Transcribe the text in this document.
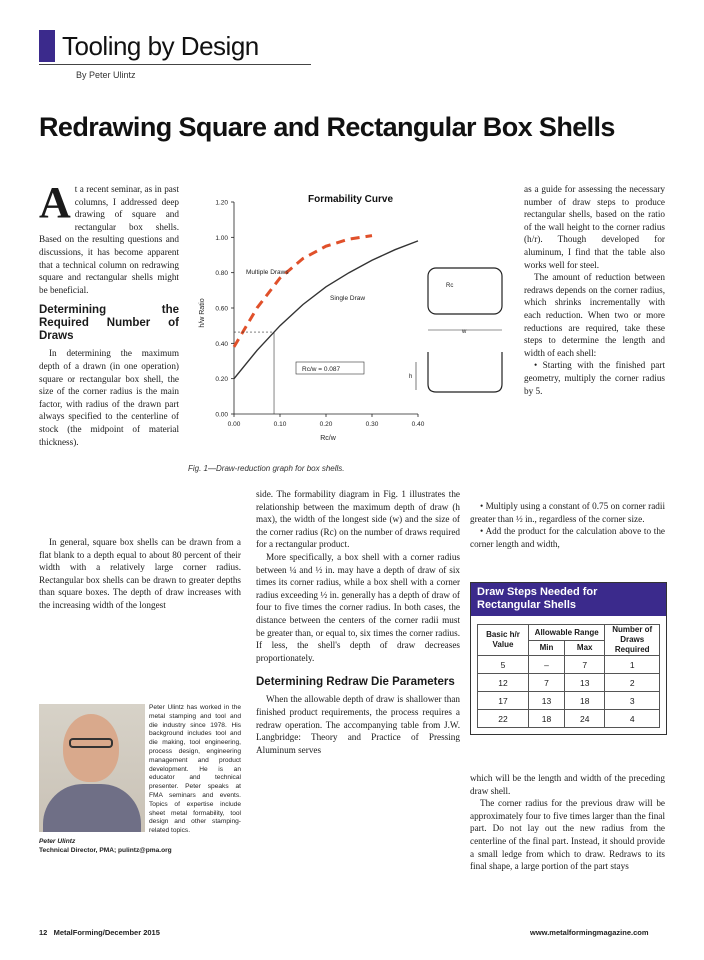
Tooling by Design
By Peter Ulintz
Redrawing Square and Rectangular Box Shells

At a recent seminar, as in past columns, I addressed deep drawing of square and rectangular box shells. Based on the resulting questions and discussions, it has become apparent that a technical column on redrawing square and rectangular shells might be beneficial.

Determining the Required Number of Draws

In determining the maximum depth of a drawn (in one operation) square or rectangular box shell, the size of the corner radius is the main factor, with radius of the drawn part always specified to the centerline of stock (the midpoint of material thickness).

In general, square box shells can be drawn from a flat blank to a depth equal to about 80 percent of their width with a relatively large corner radius. Rectangular box shells can be drawn to greater depths than square boxes. The depth of draw increases with the increasing width of the longest

Formability Curve
h/w Ratio
Rc/w
1.20
1.00
0.80
0.60
0.40
0.20
0.00
0.00	0.10	0.20	0.30	0.40
Multiple Draws
Single Draw
Rc/w = 0.087
Rc
w
h
Fig. 1—Draw-reduction graph for box shells.

side. The formability diagram in Fig. 1 illustrates the relationship between the maximum depth of draw (h max), the width of the longest side (w) and the size of the corner radius (Rc) on the number of draws required for a rectangular product.

More specifically, a box shell with a corner radius between ¼ and ½ in. may have a depth of draw of six times its corner radius, while a box shell with a corner radius exceeding ½ in. generally has a depth of draw of four to five times the corner radius. In both cases, the distance between the centers of the corner radii must be greater than, or equal to, six times the corner radius. If less, the shell's depth of draw decreases proportionately.

Determining Redraw Die Parameters

When the allowable depth of draw is shallower than finished product requirements, the process requires a redraw operation. The accompanying table from J.W. Langbridge: Theory and Practice of Pressing Aluminum serves

as a guide for assessing the necessary number of draw steps to produce rectangular shells, based on the ratio of the wall height to the corner radius (h/r). Though developed for aluminum, I find that the table also works well for steel.

The amount of reduction between redraws depends on the corner radius, which shrinks incrementally with each reduction. When two or more reductions are required, take these steps to determine the length and width of each shell:

• Starting with the finished part geometry, multiply the corner radius by 5.

• Multiply using a constant of 0.75 on corner radii greater than ½ in., regardless of the corner size.

• Add the product for the calculation above to the corner length and width,

Draw Steps Needed for Rectangular Shells
Basic h/r Value	Allowable Range		Number of Draws Required
	Min	Max	
5	–	7	1
12	7	13	2
17	13	18	3
22	18	24	4

which will be the length and width of the preceding draw shell.

The corner radius for the previous draw will be approximately four to five times larger than the final part. Do not lay out the new radius from the centerline of the final part. Instead, it should provide a small ledge from which to draw. Redraws to its final shape, a large portion of the part stays

Peter Ulintz has worked in the metal stamping and tool and die industry since 1978. His background includes tool and die making, tool engineering, process design, engineering management and product development. He is an educator and technical presenter. Peter speaks at FMA seminars and events. Topics of expertise include sheet metal formability, tool design and other stamping-related topics.
Peter Ulintz
Technical Director, PMA; pulintz@pma.org
12   MetalForming/December 2015	www.metalformingmagazine.com
